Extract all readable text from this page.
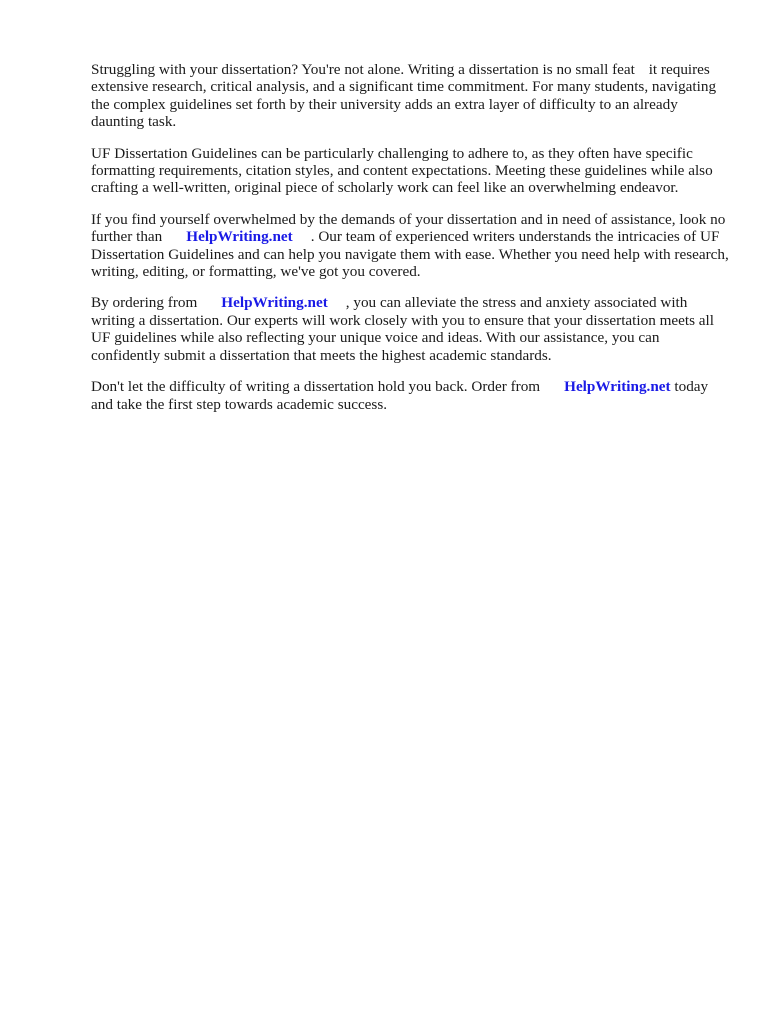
Struggling with your dissertation? You're not alone. Writing a dissertation is no small feat it requires extensive research, critical analysis, and a significant time commitment. For many students, navigating the complex guidelines set forth by their university adds an extra layer of difficulty to an already daunting task.

UF Dissertation Guidelines can be particularly challenging to adhere to, as they often have specific formatting requirements, citation styles, and content expectations. Meeting these guidelines while also crafting a well-written, original piece of scholarly work can feel like an overwhelming endeavor.

If you find yourself overwhelmed by the demands of your dissertation and in need of assistance, look no further than HelpWriting.net . Our team of experienced writers understands the intricacies of UF Dissertation Guidelines and can help you navigate them with ease. Whether you need help with research, writing, editing, or formatting, we've got you covered.

By ordering from HelpWriting.net , you can alleviate the stress and anxiety associated with writing a dissertation. Our experts will work closely with you to ensure that your dissertation meets all UF guidelines while also reflecting your unique voice and ideas. With our assistance, you can confidently submit a dissertation that meets the highest academic standards.

Don't let the difficulty of writing a dissertation hold you back. Order from HelpWriting.net today and take the first step towards academic success.
